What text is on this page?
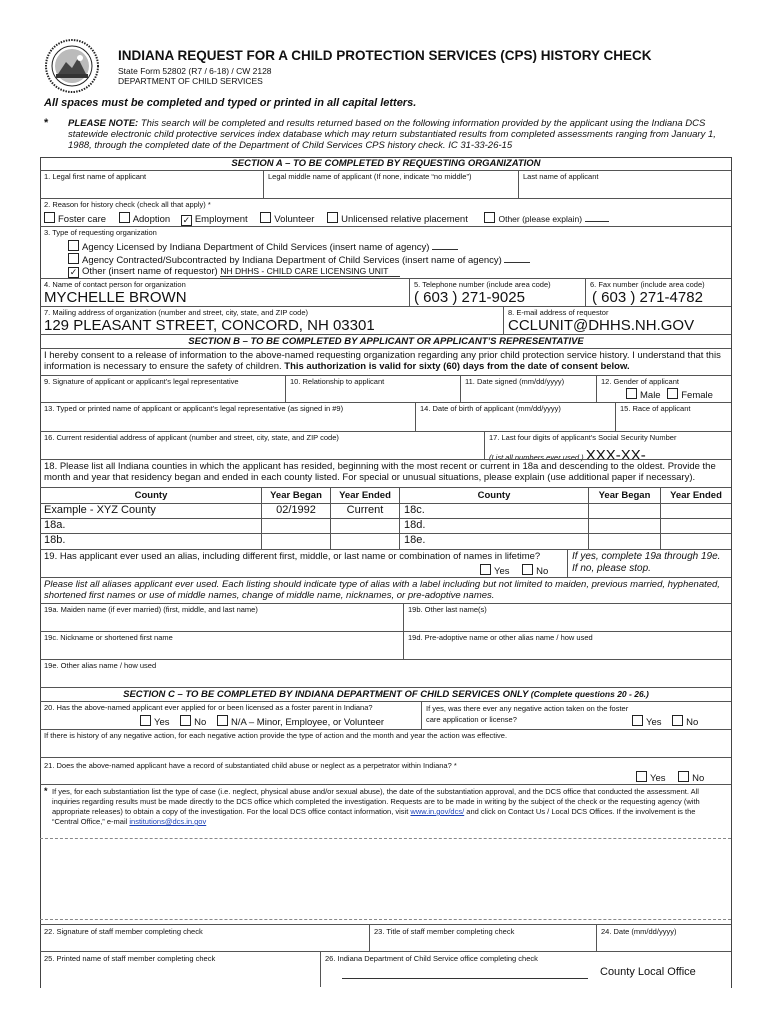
INDIANA REQUEST FOR A CHILD PROTECTION SERVICES (CPS) HISTORY CHECK
State Form 52802 (R7 / 6-18) / CW 2128
DEPARTMENT OF CHILD SERVICES
All spaces must be completed and typed or printed in all capital letters.
* PLEASE NOTE: This search will be completed and results returned based on the following information provided by the applicant using the Indiana DCS statewide electronic child protective services index database which may return substantiated results from completed assessments ranging from January 1, 1988, through the completed date of the Department of Child Services CPS history check. IC 31-33-26-15
SECTION A – TO BE COMPLETED BY REQUESTING ORGANIZATION
1. Legal first name of applicant	Legal middle name of applicant (If none, indicate “no middle”)	Last name of applicant
2. Reason for history check (check all that apply) *
Foster care	Adoption ✓ Employment	Volunteer	Unlicensed relative placement	Other (please explain)
3. Type of requesting organization
Agency Licensed by Indiana Department of Child Services (insert name of agency)
Agency Contracted/Subcontracted by Indiana Department of Child Services (insert name of agency)
✓ Other (insert name of requestor) NH DHHS - CHILD CARE LICENSING UNIT
4. Name of contact person for organization	5. Telephone number (include area code)	6. Fax number (include area code)
MYCHELLE BROWN	( 603 ) 271-9025	( 603 ) 271-4782
7. Mailing address of organization (number and street, city, state, and ZIP code)	8. E-mail address of requestor
129 PLEASANT STREET, CONCORD, NH 03301	CCLUNIT@DHHS.NH.GOV
SECTION B – TO BE COMPLETED BY APPLICANT OR APPLICANT’S REPRESENTATIVE
I hereby consent to a release of information to the above-named requesting organization regarding any prior child protection service history. I understand that this information is necessary to ensure the safety of children. This authorization is valid for sixty (60) days from the date of consent below.
9. Signature of applicant or applicant’s legal representative	10. Relationship to applicant	11. Date signed (mm/dd/yyyy)	12. Gender of applicant
Male Female
13. Typed or printed name of applicant or applicant’s legal representative (as signed in #9)	14. Date of birth of applicant (mm/dd/yyyy)	15. Race of applicant
16. Current residential address of applicant (number and street, city, state, and ZIP code)	17. Last four digits of applicant’s Social Security Number
(List all numbers ever used.) XXX-XX-
18. Please list all Indiana counties in which the applicant has resided, beginning with the most recent or current in 18a and descending to the oldest. Provide the month and year that residency began and ended in each county listed. For special or unusual situations, please explain (use additional paper if necessary).
County	Year Began	Year Ended	County	Year Began	Year Ended
Example - XYZ County	02/1992	Current	18c.
18a.	18d.
18b.	18e.
19. Has applicant ever used an alias, including different first, middle, or last name or combination of names in lifetime?
Yes	No
If yes, complete 19a through 19e.
If no, please stop.
Please list all aliases applicant ever used. Each listing should indicate type of alias with a label including but not limited to maiden, previous married, hyphenated, shortened first names or use of middle names, change of middle name, nicknames, or pre-adoptive names.
19a. Maiden name (if ever married) (first, middle, and last name)	19b. Other last name(s)
19c. Nickname or shortened first name	19d. Pre-adoptive name or other alias name / how used
19e. Other alias name / how used
SECTION C – TO BE COMPLETED BY INDIANA DEPARTMENT OF CHILD SERVICES ONLY (Complete questions 20 - 26.)
20. Has the above-named applicant ever applied for or been licensed as a foster parent in Indiana?
Yes	No	N/A – Minor, Employee, or Volunteer
If yes, was there ever any negative action taken on the foster care application or license?	Yes	No
If there is history of any negative action, for each negative action provide the type of action and the month and year the action was effective.
21. Does the above-named applicant have a record of substantiated child abuse or neglect as a perpetrator within Indiana? *
Yes	No
* If yes, for each substantiation list the type of case (i.e. neglect, physical abuse and/or sexual abuse), the date of the substantiation approval, and the DCS office that conducted the assessment. All inquiries regarding results must be made directly to the DCS office which completed the investigation. Requests are to be made in writing by the subject of the check or the requesting agency (with appropriate releases) to obtain a copy of the investigation. For the local DCS office contact information, visit www.in.gov/dcs/ and click on Contact Us / Local DCS Offices. If the involvement is the “Central Office,” e-mail institutions@dcs.in.gov
22. Signature of staff member completing check	23. Title of staff member completing check	24. Date (mm/dd/yyyy)
25. Printed name of staff member completing check	26. Indiana Department of Child Service office completing check
County Local Office
